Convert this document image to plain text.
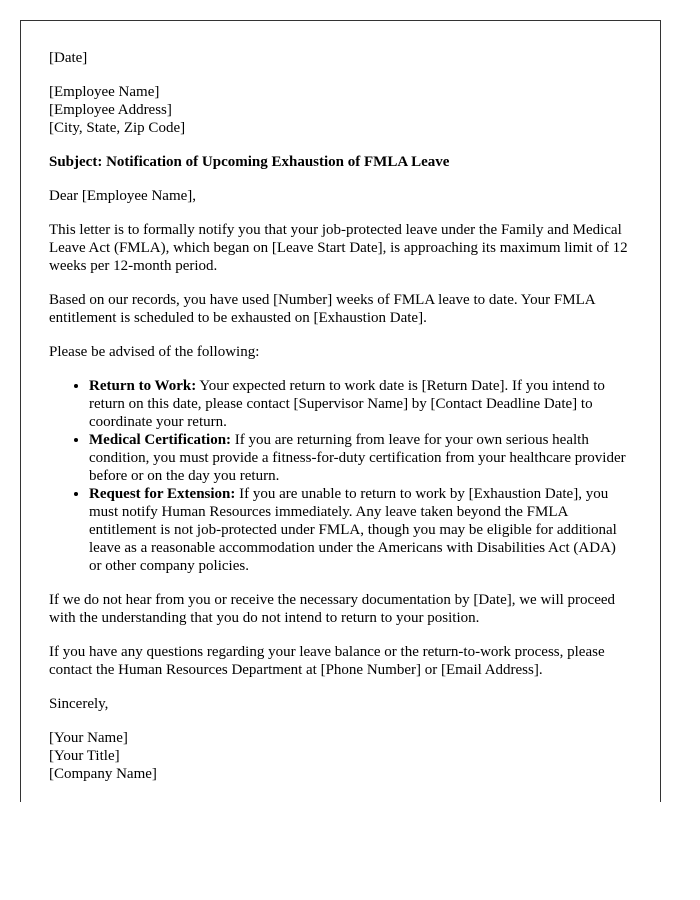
[Date]

[Employee Name]
[Employee Address]
[City, State, Zip Code]

Subject: Notification of Upcoming Exhaustion of FMLA Leave

Dear [Employee Name],

This letter is to formally notify you that your job-protected leave under the Family and Medical Leave Act (FMLA), which began on [Leave Start Date], is approaching its maximum limit of 12 weeks per 12-month period.

Based on our records, you have used [Number] weeks of FMLA leave to date. Your FMLA entitlement is scheduled to be exhausted on [Exhaustion Date].

Please be advised of the following:

• Return to Work: Your expected return to work date is [Return Date]. If you intend to return on this date, please contact [Supervisor Name] by [Contact Deadline Date] to coordinate your return.
• Medical Certification: If you are returning from leave for your own serious health condition, you must provide a fitness-for-duty certification from your healthcare provider before or on the day you return.
• Request for Extension: If you are unable to return to work by [Exhaustion Date], you must notify Human Resources immediately. Any leave taken beyond the FMLA entitlement is not job-protected under FMLA, though you may be eligible for additional leave as a reasonable accommodation under the Americans with Disabilities Act (ADA) or other company policies.

If we do not hear from you or receive the necessary documentation by [Date], we will proceed with the understanding that you do not intend to return to your position.

If you have any questions regarding your leave balance or the return-to-work process, please contact the Human Resources Department at [Phone Number] or [Email Address].

Sincerely,

[Your Name]
[Your Title]
[Company Name]
